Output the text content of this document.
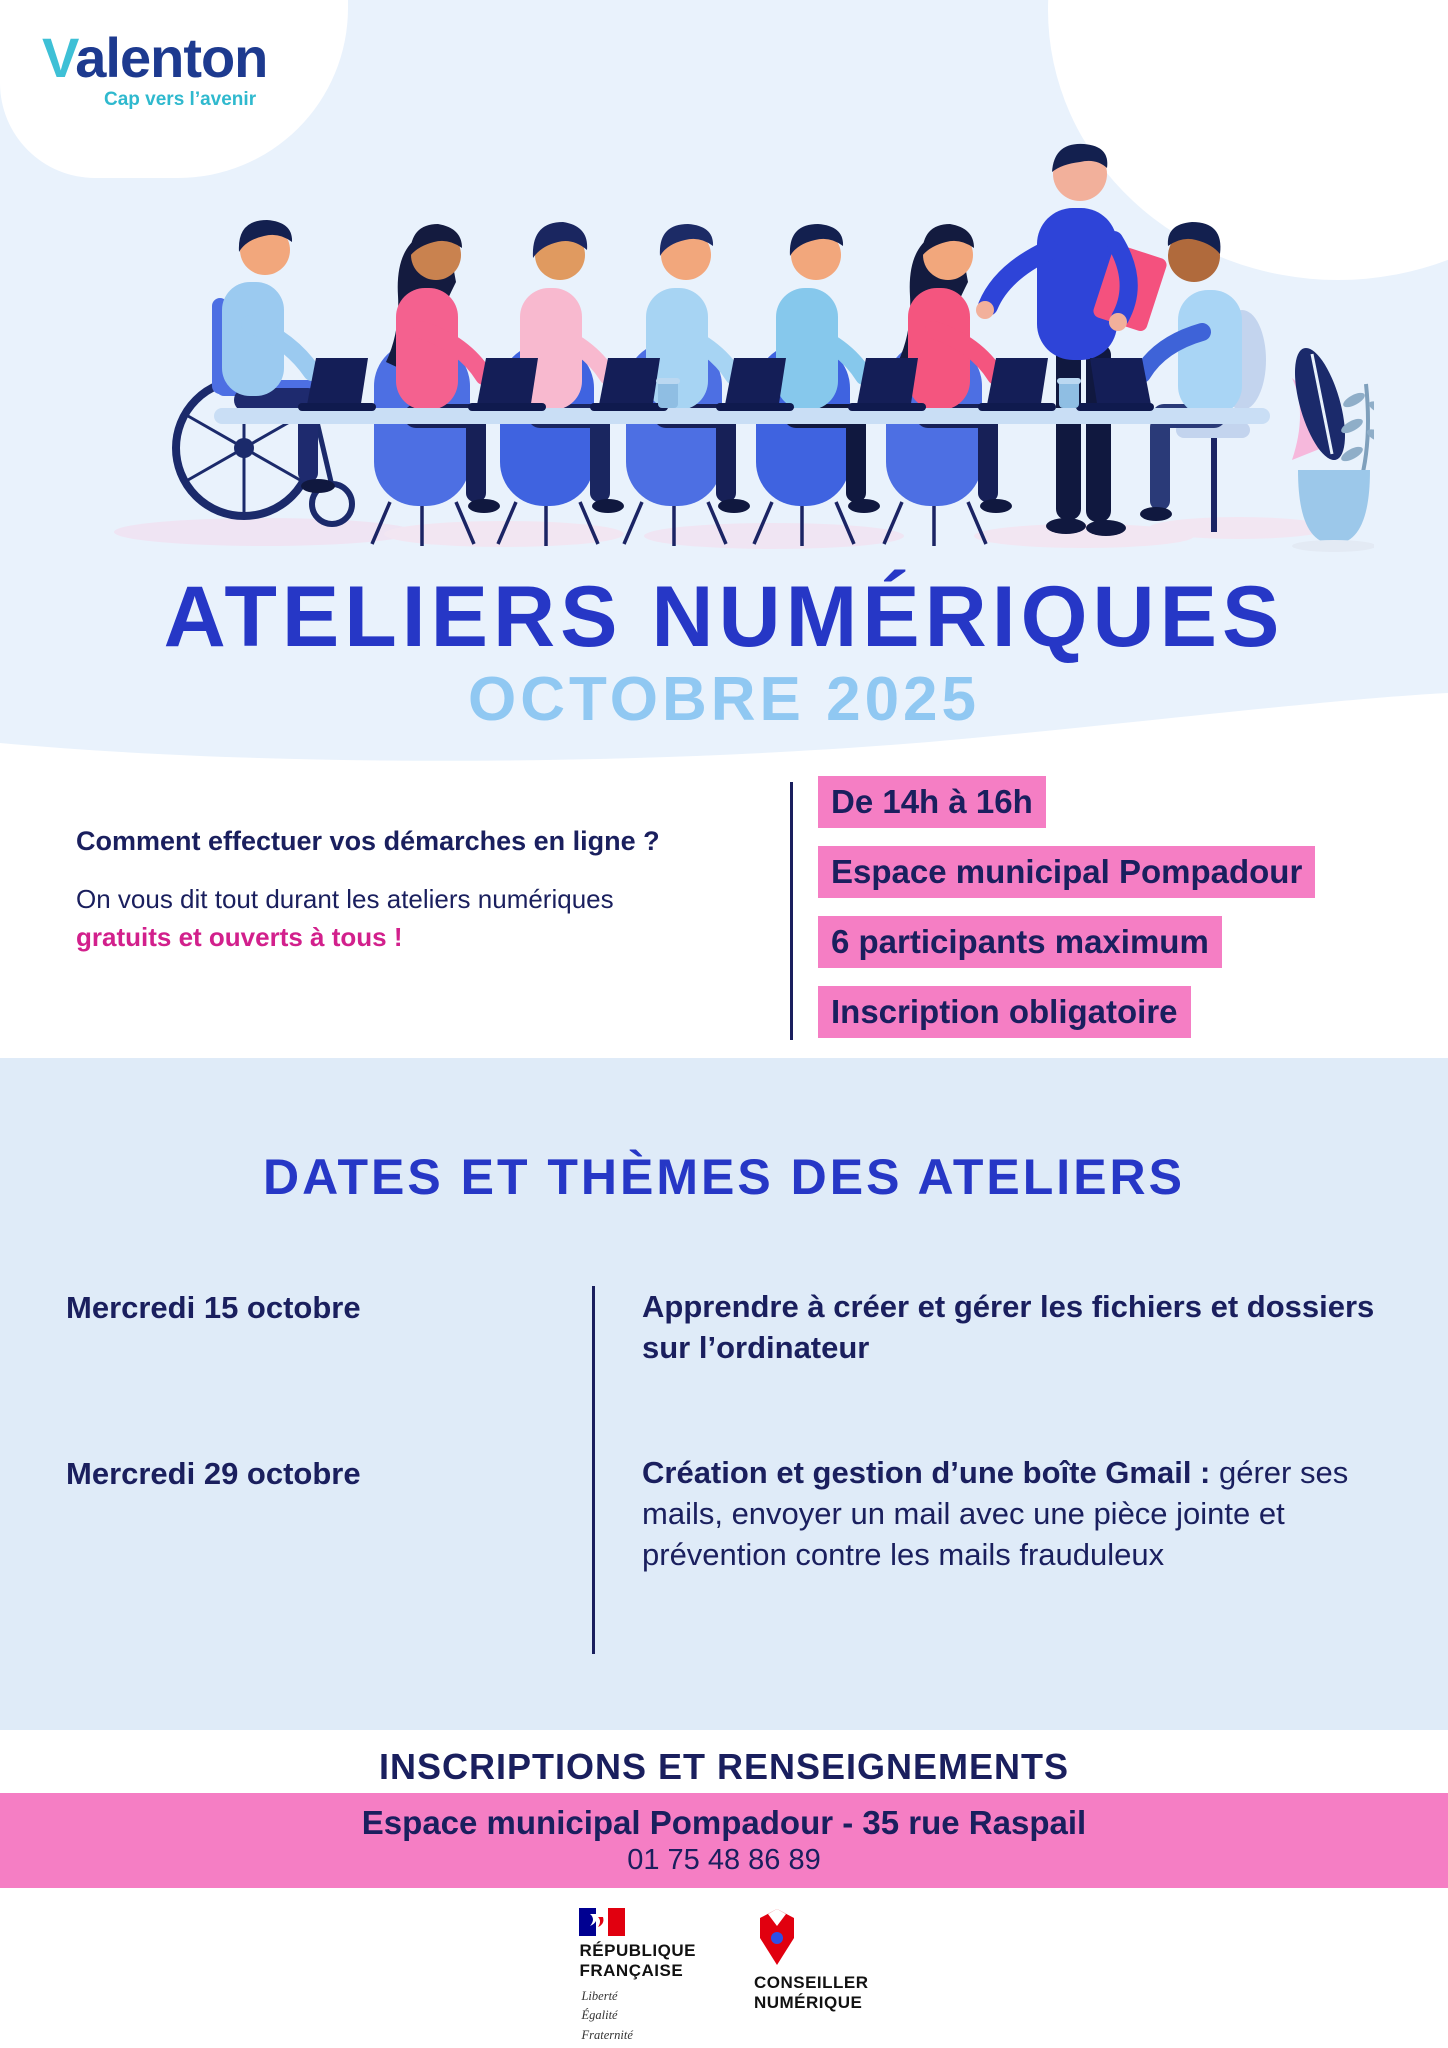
Valenton
Cap vers l’avenir
ATELIERS NUMÉRIQUES
OCTOBRE 2025
Comment effectuer vos démarches en ligne ?
On vous dit tout durant les ateliers numériques
gratuits et ouverts à tous !
De 14h à 16h
Espace municipal Pompadour
6 participants maximum
Inscription obligatoire
DATES ET THÈMES DES ATELIERS
Mercredi 15 octobre	Apprendre à créer et gérer les fichiers et dossiers sur l’ordinateur
Mercredi 29 octobre	Création et gestion d’une boîte Gmail : gérer ses mails, envoyer un mail avec une pièce jointe et prévention contre les mails frauduleux
INSCRIPTIONS ET RENSEIGNEMENTS

Espace municipal Pompadour - 35 rue Raspail

01 75 48 86 89

RÉPUBLIQUE
FRANÇAISE
Liberté
Égalité
Fraternité
CONSEILLER
NUMÉRIQUE
